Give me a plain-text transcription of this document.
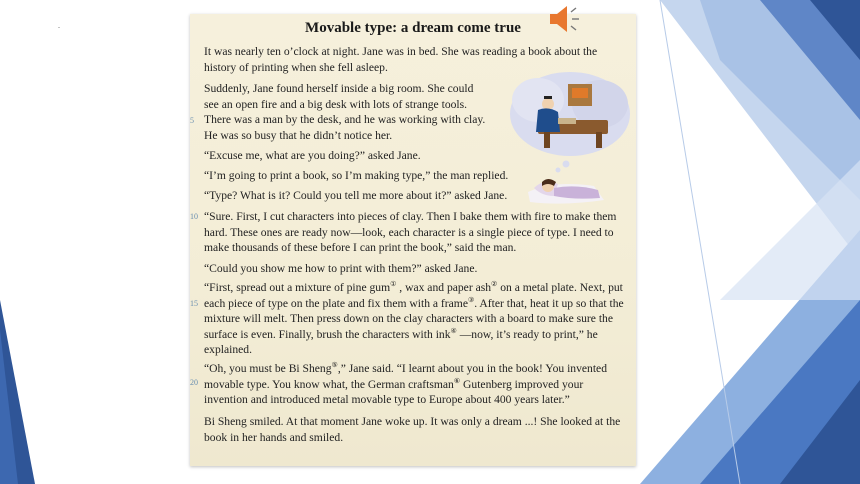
.	Movable type: a dream come true

It was nearly ten o’clock at night. Jane was in bed. She was reading a book about the history of printing when she fell asleep.

Suddenly, Jane found herself inside a big room. She could see an open fire and a big desk with lots of strange tools. There was a man by the desk, and he was working with clay. He was so busy that he didn’t notice her.

“Excuse me, what are you doing?” asked Jane.

“I’m going to print a book, so I’m making type,” the man replied.

“Type? What is it? Could you tell me more about it?” asked Jane.

“Sure. First, I cut characters into pieces of clay. Then I bake them with fire to make them hard. These ones are ready now—look, each character is a single piece of type. I need to make thousands of these before I can print the book,” said the man.

“Could you show me how to print with them?” asked Jane.

“First, spread out a mixture of pine gum① , wax and paper ash② on a metal plate. Next, put each piece of type on the plate and fix them with a frame③. After that, heat it up so that the mixture will melt. Then press down on the clay characters with a board to make sure the surface is even. Finally, brush the characters with ink④ —now, it’s ready to print,” he explained.

“Oh, you must be Bi Sheng⑤,” Jane said. “I learnt about you in the book! You invented movable type. You know what, the German craftsman⑥ Gutenberg improved your invention and introduced metal movable type to Europe about 400 years later.”

Bi Sheng smiled. At that moment Jane woke up. It was only a dream ...! She looked at the book in her hands and smiled.

5
10
15
20
